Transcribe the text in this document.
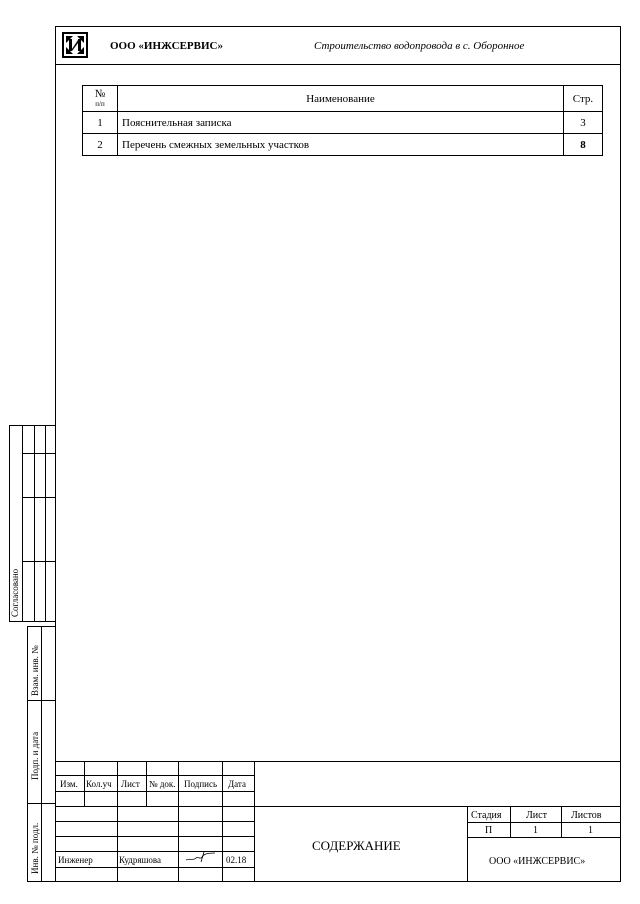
ООО «ИНЖСЕРВИС»	Строительство водопровода в с. Оборонное
№
п/п	Наименование	Стр.
1	Пояснительная записка	3
2	Перечень смежных земельных участков	8
Согласовано
Взам. инв. №
Подп. и дата
Инв. № подл.
Изм. Кол.уч Лист № док. Подпись Дата
Инженер	Кудряшова	02.18
СОДЕРЖАНИЕ
Стадия Лист Листов
П	1	1
ООО «ИНЖСЕРВИС»
